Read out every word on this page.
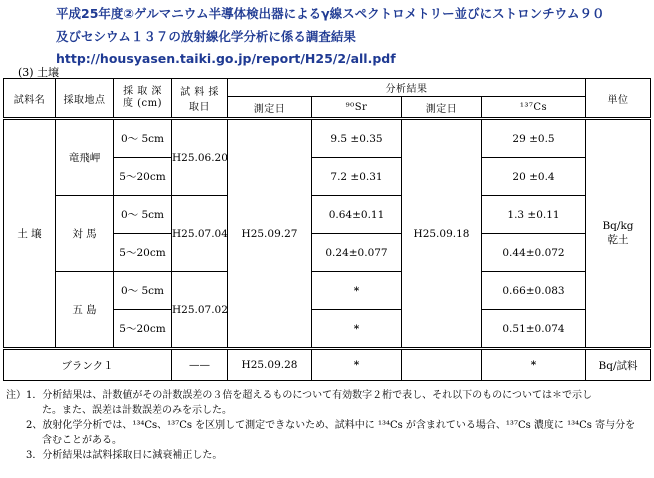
平成25年度②ゲルマニウム半導体検出器によるγ線スペクトロメトリー並びにストロンチウム９０
及びセシウム１３７の放射線化学分析に係る調査結果
http://housyasen.taiki.go.jp/report/H25/2/all.pdf
(3) 土壌
試料名	採取地点	採 取 深 度 (cm)	試 料 採取日	分析結果				単位
				測定日	⁹⁰Sr	測定日	¹³⁷Cs	
土 壌	竜飛岬	0～ 5cm	H25.06.20	H25.09.27	9.5 ±0.35	H25.09.18	29 ±0.5	Bq/kg 乾土
		5～20cm			7.2 ±0.31		20 ±0.4	
	対 馬	0～ 5cm	H25.07.04		0.64±0.11		1.3 ±0.11	
		5～20cm			0.24±0.077		0.44±0.072	
	五 島	0～ 5cm	H25.07.02		*		0.66±0.083	
		5～20cm			*		0.51±0.074	
ブランク１			——	H25.09.28	*		*	Bq/試料
注）1．分析結果は、計数値がその計数誤差の３倍を超えるものについて有効数字２桁で表し、それ以下のものについては＊で示し
た。また、誤差は計数誤差のみを示した。
2、放射化学分析では、¹³⁴Cs、¹³⁷Cs を区別して測定できないため、試料中に ¹³⁴Cs が含まれている場合、¹³⁷Cs 濃度に ¹³⁴Cs 寄与分を
含むことがある。
3．分析結果は試料採取日に減衰補正した。
